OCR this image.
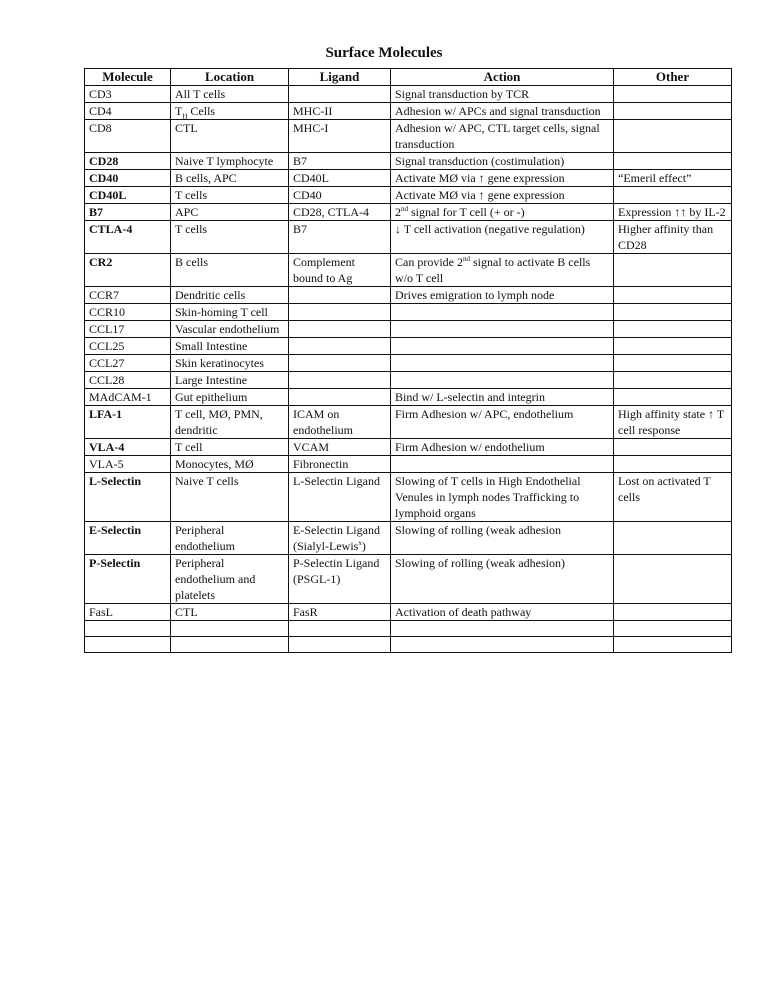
Surface Molecules
Molecule	Location	Ligand	Action	Other
CD3	All T cells		Signal transduction by TCR	
CD4	$T_H$ Cells	MHC-II	Adhesion w/ APCs and signal transduction	
CD8	CTL	MHC-I	Adhesion w/ APC, CTL target cells, signal transduction	
CD28	Naive T lymphocyte	B7	Signal transduction (costimulation)	
CD40	B cells, APC	CD40L	Activate MØ via ↑ gene expression	“Emeril effect”
CD40L	T cells	CD40	Activate MØ via ↑ gene expression	
B7	APC	CD28, CTLA-4	2nd signal for T cell (+ or -)	Expression ↑↑ by IL-2
CTLA-4	T cells	B7	↓ T cell activation (negative regulation)	Higher affinity than CD28
CR2	B cells	Complement bound to Ag	Can provide 2nd signal to activate B cells w/o T cell	
CCR7	Dendritic cells		Drives emigration to lymph node	
CCR10	Skin-homing T cell			
CCL17	Vascular endothelium			
CCL25	Small Intestine			
CCL27	Skin keratinocytes			
CCL28	Large Intestine			
MAdCAM-1	Gut epithelium		Bind w/ L-selectin and integrin	
LFA-1	T cell, MØ, PMN, dendritic	ICAM on endothelium	Firm Adhesion w/ APC, endothelium	High affinity state ↑ T cell response
VLA-4	T cell	VCAM	Firm Adhesion w/ endothelium	
VLA-5	Monocytes, MØ	Fibronectin		
L-Selectin	Naive T cells	L-Selectin Ligand	Slowing of T cells in High Endothelial Venules in lymph nodes Trafficking to lymphoid organs	Lost on activated T cells
E-Selectin	Peripheral endothelium	E-Selectin Ligand (Sialyl-Lewis$^x$)	Slowing of rolling (weak adhesion	
P-Selectin	Peripheral endothelium and platelets	P-Selectin Ligand (PSGL-1)	Slowing of rolling (weak adhesion)	
FasL	CTL	FasR	Activation of death pathway	
